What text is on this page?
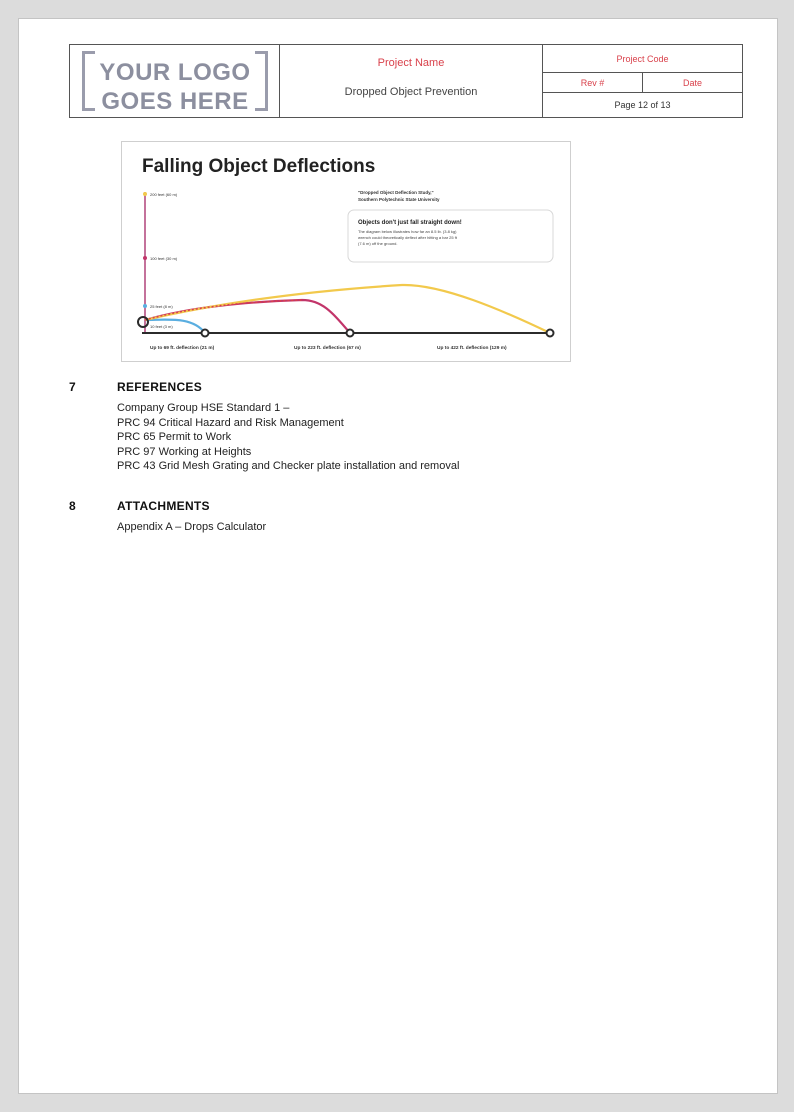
YOUR LOGO
GOES HERE
Project Name
Dropped Object Prevention
Project Code
Rev #	Date
Page 12 of 13
Falling Object Deflections
"Dropped Object Deflection Study,"
Southern Polytechnic State University
Objects don't just fall straight down!
The diagram below illustrates how far an 8.5 lb. (3.8 kg)
wrench could theoretically deflect after hitting a bar 25 ft
(7.6 m) off the ground.
200 feet (60 m)
100 feet (30 m)
25 feet (8 m)
10 feet (3 m)
Up to 69 ft. deflection (21 m)	Up to 223 ft. deflection (67 m)	Up to 422 ft. deflection (129 m)
7	REFERENCES
Company Group HSE Standard 1 –
PRC 94 Critical Hazard and Risk Management
PRC 65 Permit to Work
PRC 97 Working at Heights
PRC 43 Grid Mesh Grating and Checker plate installation and removal
8	ATTACHMENTS
Appendix A – Drops Calculator
